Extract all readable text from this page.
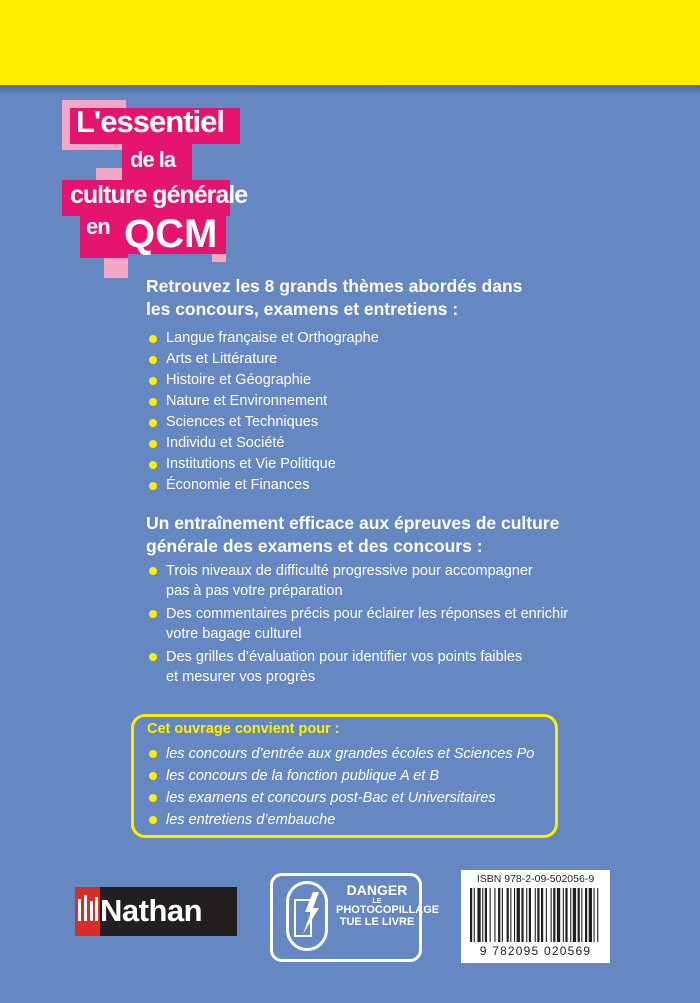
L'essentiel
de la
culture générale
en QCM
Retrouvez les 8 grands thèmes abordés dans
les concours, examens et entretiens :
Langue française et Orthographe
Arts et Littérature
Histoire et Géographie
Nature et Environnement
Sciences et Techniques
Individu et Société
Institutions et Vie Politique
Économie et Finances
Un entraînement efficace aux épreuves de culture
générale des examens et des concours :
Trois niveaux de difficulté progressive pour accompagner
pas à pas votre préparation
Des commentaires précis pour éclairer les réponses et enrichir
votre bagage culturel
Des grilles d’évaluation pour identifier vos points faibles
et mesurer vos progrès
Cet ouvrage convient pour :
les concours d’entrée aux grandes écoles et Sciences Po
les concours de la fonction publique A et B
les examens et concours post-Bac et Universitaires
les entretiens d’embauche
Nathan
DANGER
LE
PHOTOCOPILLAGE
TUE LE LIVRE
ISBN 978-2-09-502056-9
9 782095 020569
